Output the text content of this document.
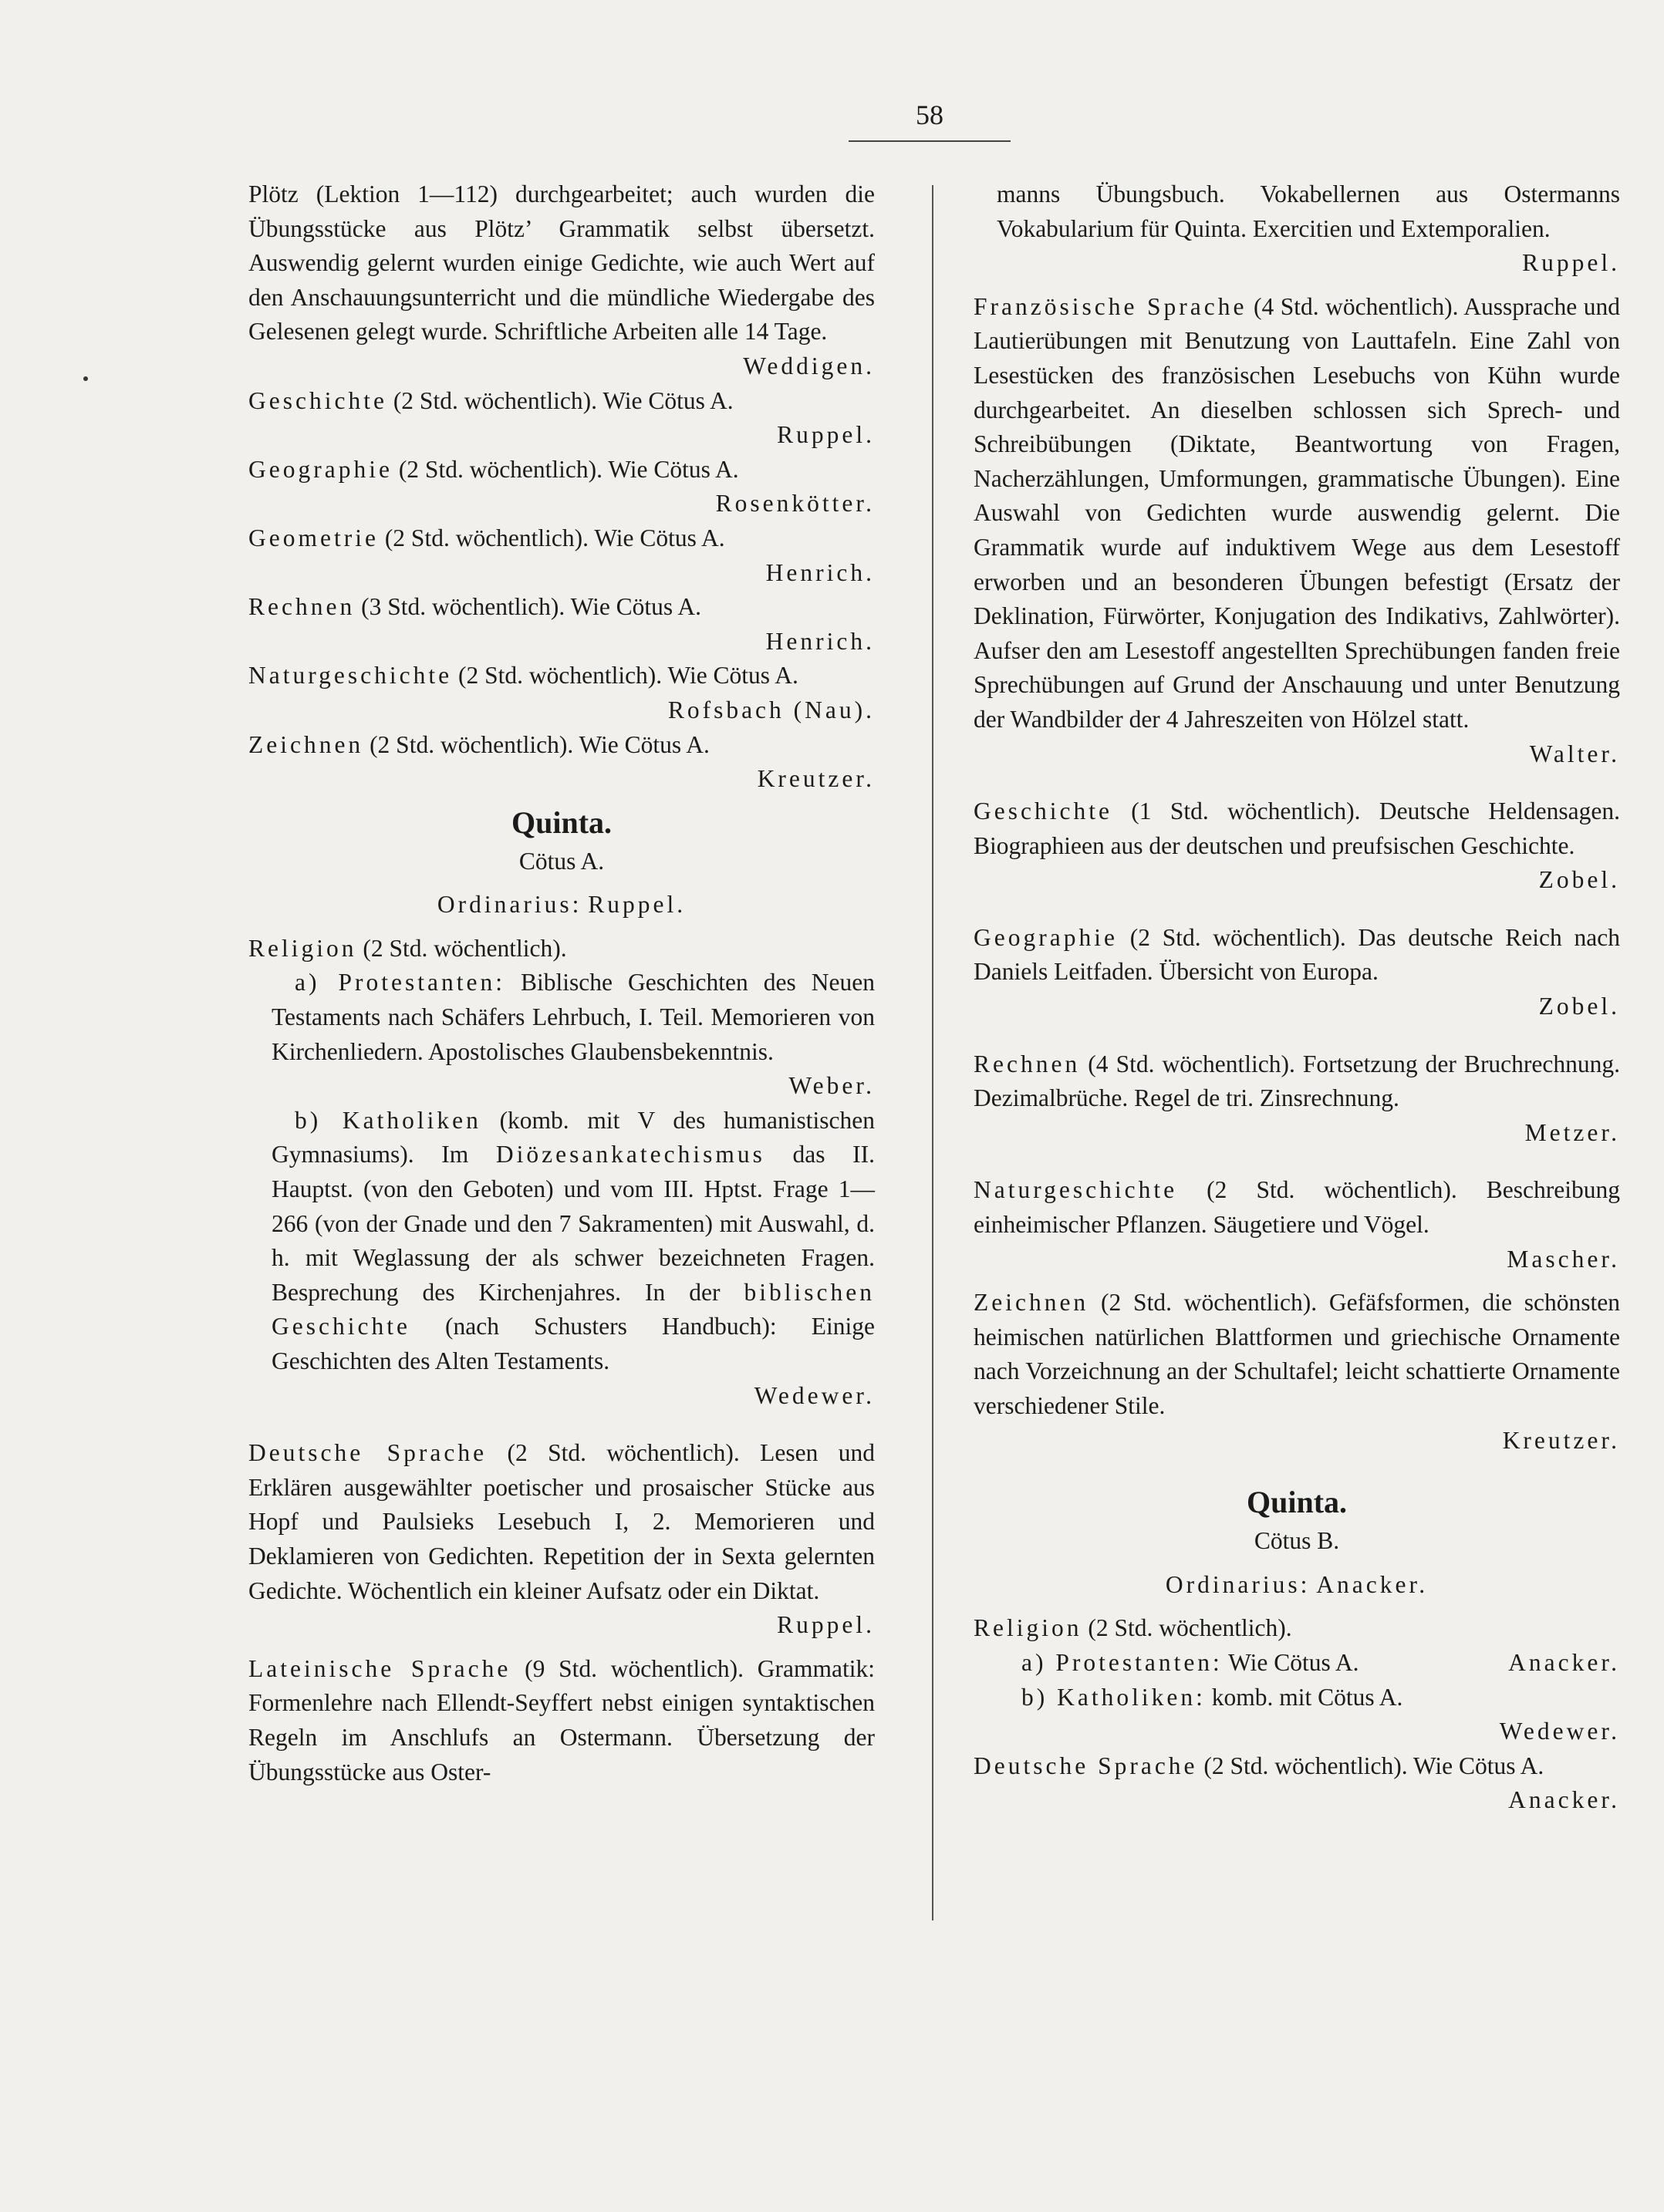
58

Plötz (Lektion 1—112) durchgearbeitet; auch wurden die Übungsstücke aus Plötz’ Grammatik selbst übersetzt. Auswendig gelernt wurden einige Gedichte, wie auch Wert auf den Anschauungsunterricht und die mündliche Wiedergabe des Gelesenen gelegt wurde. Schriftliche Arbeiten alle 14 Tage.

Weddigen.

Geschichte (2 Std. wöchentlich). Wie Cötus A.

Ruppel.

Geographie (2 Std. wöchentlich). Wie Cötus A.

Rosenkötter.

Geometrie (2 Std. wöchentlich). Wie Cötus A.

Henrich.

Rechnen (3 Std. wöchentlich). Wie Cötus A.

Henrich.

Naturgeschichte (2 Std. wöchentlich). Wie Cötus A.

Rofsbach (Nau).

Zeichnen (2 Std. wöchentlich). Wie Cötus A.

Kreutzer.

Quinta.

Cötus A.

Ordinarius: Ruppel.

Religion (2 Std. wöchentlich).

a) Protestanten: Biblische Geschichten des Neuen Testaments nach Schäfers Lehrbuch, I. Teil. Memorieren von Kirchenliedern. Apostolisches Glaubensbekenntnis.

Weber.

b) Katholiken (komb. mit V des humanistischen Gymnasiums). Im Diözesankatechismus das II. Hauptst. (von den Geboten) und vom III. Hptst. Frage 1—266 (von der Gnade und den 7 Sakramenten) mit Auswahl, d. h. mit Weglassung der als schwer bezeichneten Fragen. Besprechung des Kirchenjahres. In der biblischen Geschichte (nach Schusters Handbuch): Einige Geschichten des Alten Testaments.

Wedewer.

Deutsche Sprache (2 Std. wöchentlich). Lesen und Erklären ausgewählter poetischer und prosaischer Stücke aus Hopf und Paulsieks Lesebuch I, 2. Memorieren und Deklamieren von Gedichten. Repetition der in Sexta gelernten Gedichte. Wöchentlich ein kleiner Aufsatz oder ein Diktat.

Ruppel.

Lateinische Sprache (9 Std. wöchentlich). Grammatik: Formenlehre nach Ellendt-Seyffert nebst einigen syntaktischen Regeln im Anschlufs an Ostermann. Übersetzung der Übungsstücke aus Oster-

manns Übungsbuch. Vokabellernen aus Ostermanns Vokabularium für Quinta. Exercitien und Extemporalien.

Ruppel.

Französische Sprache (4 Std. wöchentlich). Aussprache und Lautierübungen mit Benutzung von Lauttafeln. Eine Zahl von Lesestücken des französischen Lesebuchs von Kühn wurde durchgearbeitet. An dieselben schlossen sich Sprech- und Schreibübungen (Diktate, Beantwortung von Fragen, Nacherzählungen, Umformungen, grammatische Übungen). Eine Auswahl von Gedichten wurde auswendig gelernt. Die Grammatik wurde auf induktivem Wege aus dem Lesestoff erworben und an besonderen Übungen befestigt (Ersatz der Deklination, Fürwörter, Konjugation des Indikativs, Zahlwörter). Aufser den am Lesestoff angestellten Sprechübungen fanden freie Sprechübungen auf Grund der Anschauung und unter Benutzung der Wandbilder der 4 Jahreszeiten von Hölzel statt.

Walter.

Geschichte (1 Std. wöchentlich). Deutsche Heldensagen. Biographieen aus der deutschen und preufsischen Geschichte.

Zobel.

Geographie (2 Std. wöchentlich). Das deutsche Reich nach Daniels Leitfaden. Übersicht von Europa.

Zobel.

Rechnen (4 Std. wöchentlich). Fortsetzung der Bruchrechnung. Dezimalbrüche. Regel de tri. Zinsrechnung.

Metzer.

Naturgeschichte (2 Std. wöchentlich). Beschreibung einheimischer Pflanzen. Säugetiere und Vögel.

Mascher.

Zeichnen (2 Std. wöchentlich). Gefäfsformen, die schönsten heimischen natürlichen Blattformen und griechische Ornamente nach Vorzeichnung an der Schultafel; leicht schattierte Ornamente verschiedener Stile.

Kreutzer.

Quinta.

Cötus B.

Ordinarius: Anacker.

Religion (2 Std. wöchentlich).

a) Protestanten: Wie Cötus A.	Anacker.

b) Katholiken: komb. mit Cötus A.

Wedewer.

Deutsche Sprache (2 Std. wöchentlich). Wie Cötus A.
Anacker.
